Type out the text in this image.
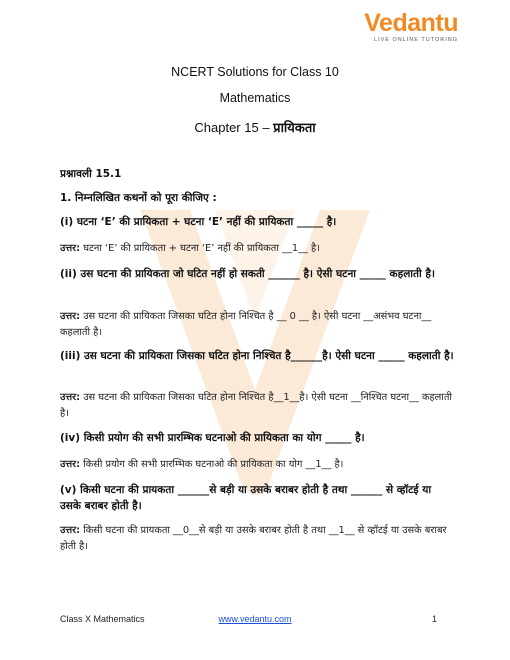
Vedantu
LIVE ONLINE TUTORING
NCERT Solutions for Class 10
Mathematics
Chapter 15 – प्रायिकता
प्रश्नावली 15.1
1. निम्नलिखित कथनों को पूरा कीजिए :
(i) घटना ‘E’ की प्रायिकता + घटना ‘E’ नहीं की प्रायिकता _____ है।
उत्तर: घटना ‘E’ की प्रायिकता + घटना ‘E’ नहीं की प्रायिकता __1__ है।
(ii) उस घटना की प्रायिकता जो घटित नहीं हो सकती ______ है। ऐसी घटना _____ कहलाती है।
उत्तर: उस घटना की प्रायिकता जिसका घटित होना निश्चित है __ 0 __ है। ऐसी घटना __असंभव घटना__ कहलाती है।
(iii) उस घटना की प्रायिकता जिसका घटित होना निश्चित है______है। ऐसी घटना _____ कहलाती है।
उत्तर: उस घटना की प्रायिकता जिसका घटित होना निश्चित है__1__है। ऐसी घटना __निश्चित घटना__ कहलाती है।
(iv) किसी प्रयोग की सभी प्रारम्भिक घटनाओ की प्रायिकता का योग _____ है।
उत्तर: किसी प्रयोग की सभी प्रारम्भिक घटनाओ की प्रायिकता का योग __1__ है।
(v) किसी घटना की प्रायकता ______से बड़ी या उसके बराबर होती है तथा ______ से व्हॉटई या उसके बराबर होती है।
उत्तर: किसी घटना की प्रायकता __0__से बड़ी या उसके बराबर होती है तथा __1__ से व्हॉटई या उसके बराबर होती है।
Class X Mathematics	www.vedantu.com	1
